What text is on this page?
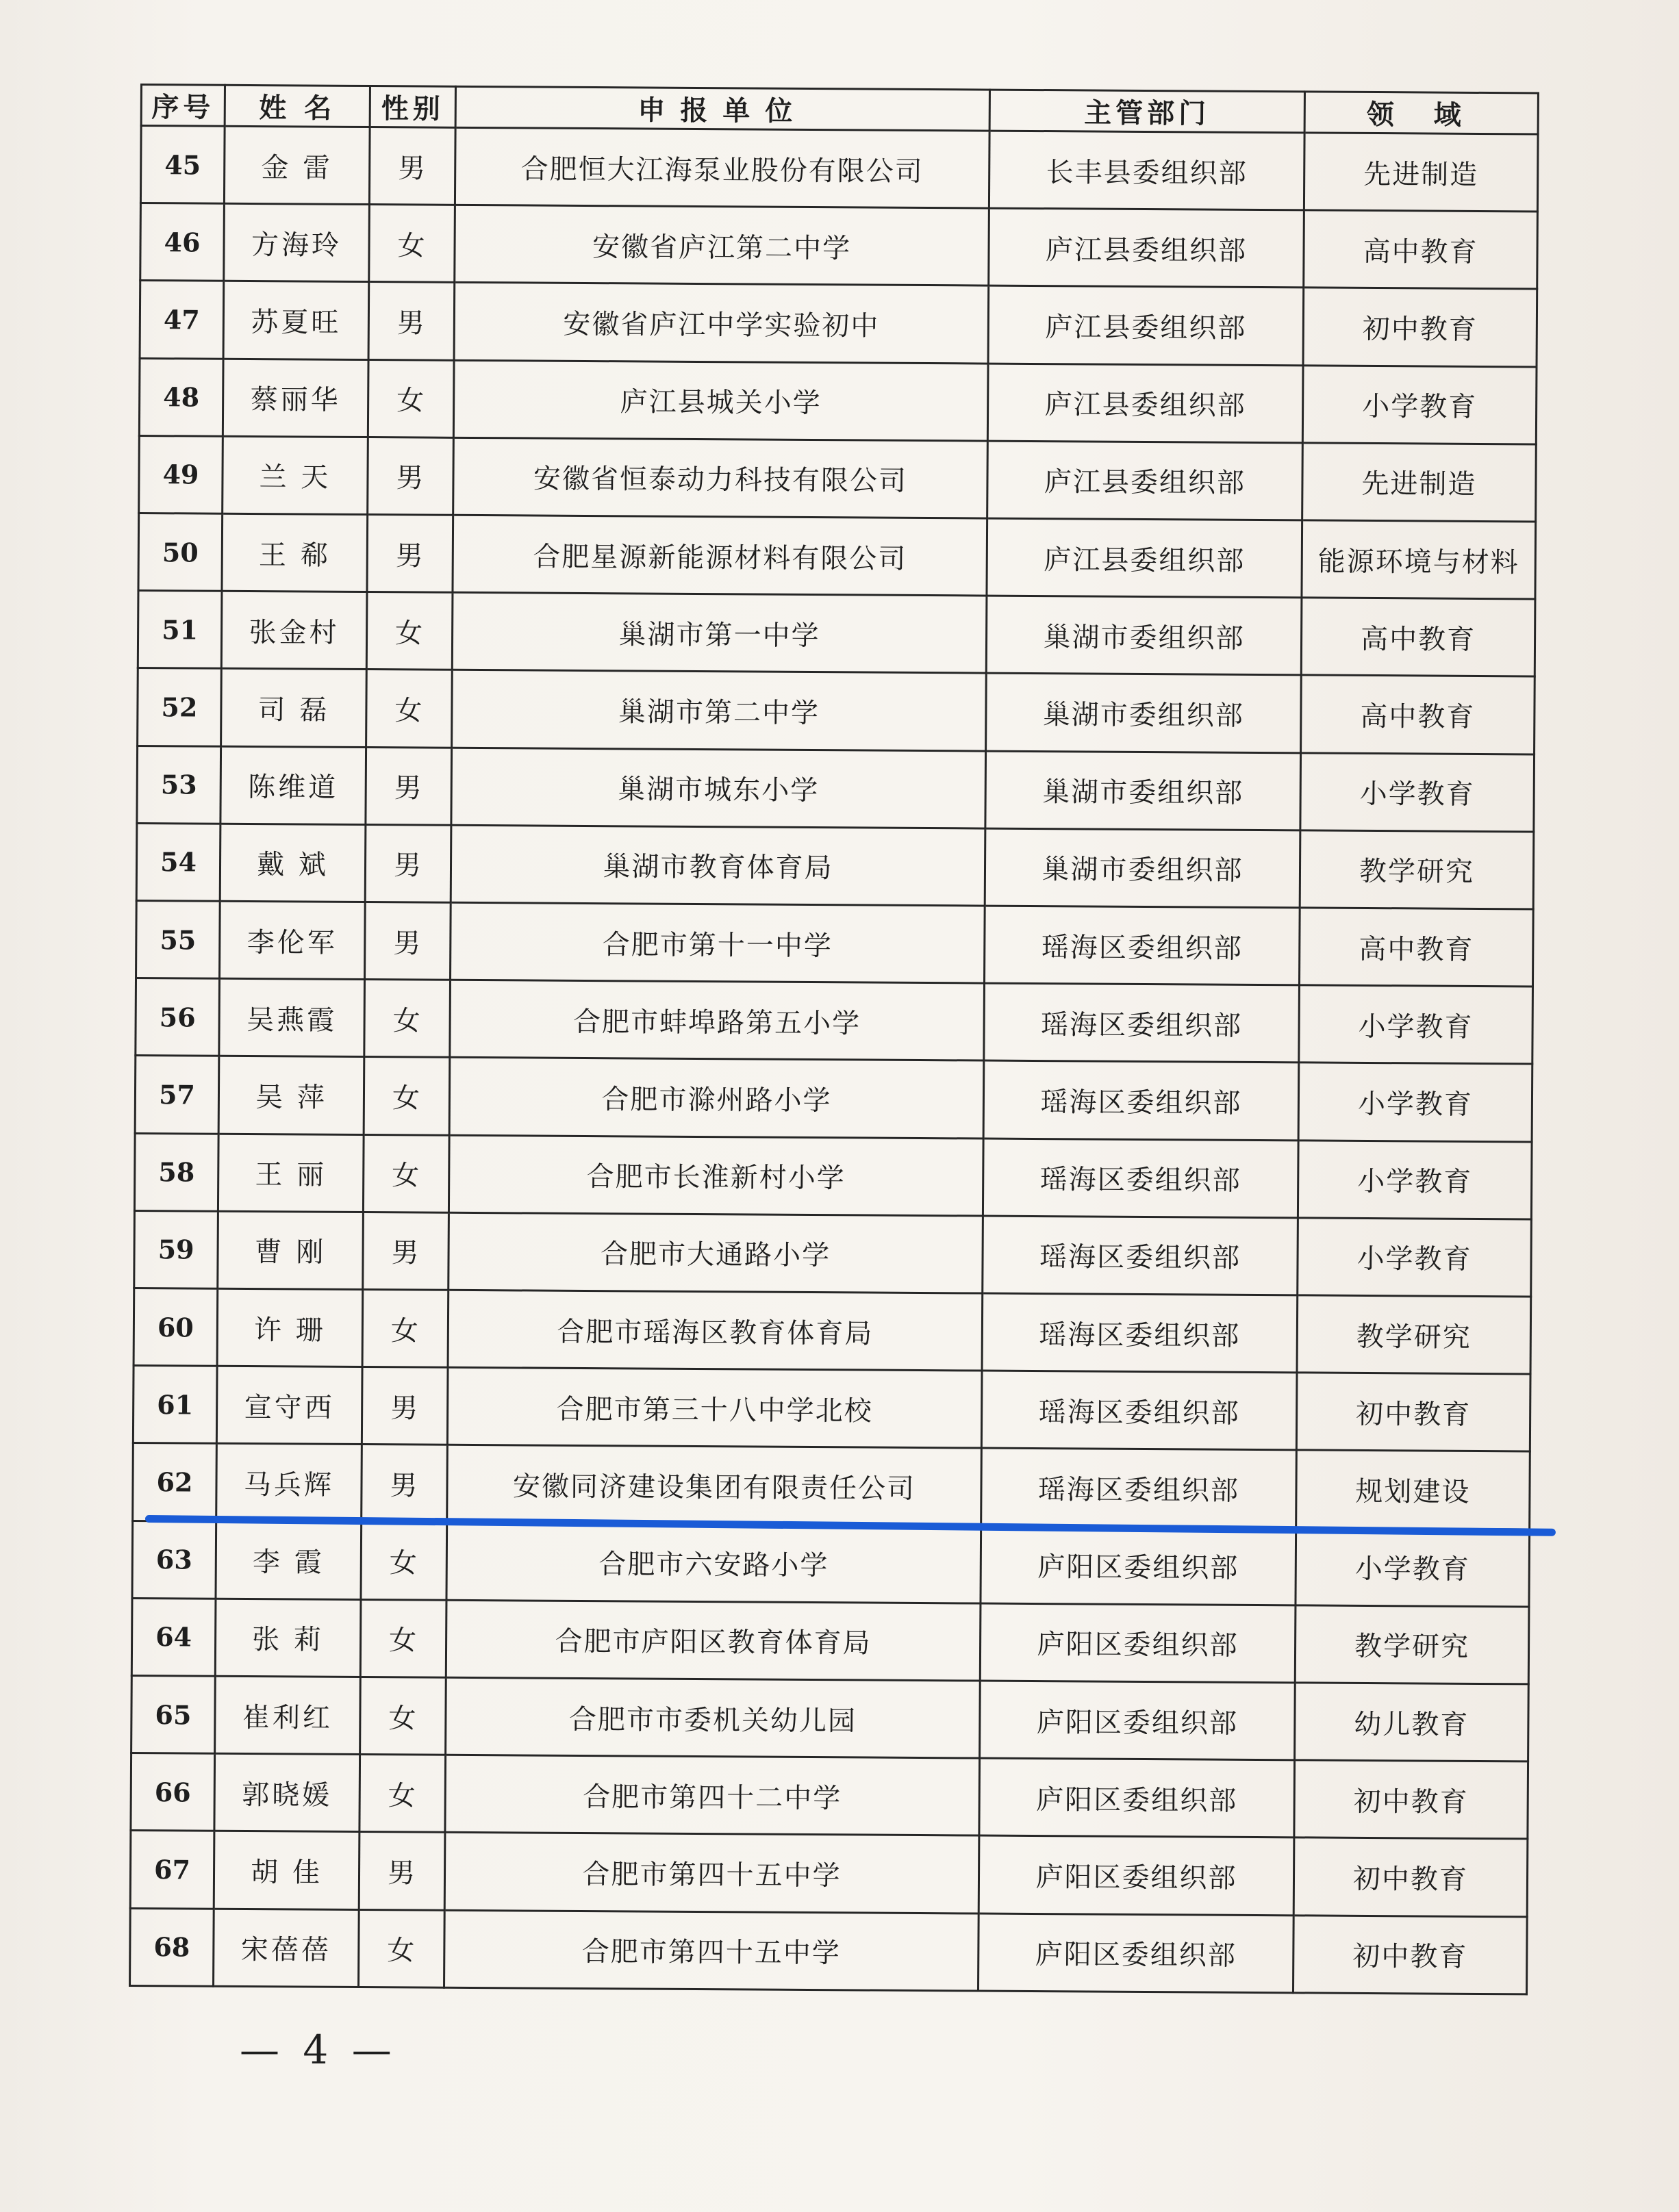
序号	姓 名	性别	申报单位	主管部门	领 域
45	金 雷	男	合肥恒大江海泵业股份有限公司	长丰县委组织部	先进制造
46	方海玲	女	安徽省庐江第二中学	庐江县委组织部	高中教育
47	苏夏旺	男	安徽省庐江中学实验初中	庐江县委组织部	初中教育
48	蔡丽华	女	庐江县城关小学	庐江县委组织部	小学教育
49	兰 天	男	安徽省恒泰动力科技有限公司	庐江县委组织部	先进制造
50	王 郗	男	合肥星源新能源材料有限公司	庐江县委组织部	能源环境与材料
51	张金村	女	巢湖市第一中学	巢湖市委组织部	高中教育
52	司 磊	女	巢湖市第二中学	巢湖市委组织部	高中教育
53	陈维道	男	巢湖市城东小学	巢湖市委组织部	小学教育
54	戴 斌	男	巢湖市教育体育局	巢湖市委组织部	教学研究
55	李伦军	男	合肥市第十一中学	瑶海区委组织部	高中教育
56	吴燕霞	女	合肥市蚌埠路第五小学	瑶海区委组织部	小学教育
57	吴 萍	女	合肥市滁州路小学	瑶海区委组织部	小学教育
58	王 丽	女	合肥市长淮新村小学	瑶海区委组织部	小学教育
59	曹 刚	男	合肥市大通路小学	瑶海区委组织部	小学教育
60	许 珊	女	合肥市瑶海区教育体育局	瑶海区委组织部	教学研究
61	宣守西	男	合肥市第三十八中学北校	瑶海区委组织部	初中教育
62	马兵辉	男	安徽同济建设集团有限责任公司	瑶海区委组织部	规划建设
63	李 霞	女	合肥市六安路小学	庐阳区委组织部	小学教育
64	张 莉	女	合肥市庐阳区教育体育局	庐阳区委组织部	教学研究
65	崔利红	女	合肥市市委机关幼儿园	庐阳区委组织部	幼儿教育
66	郭晓媛	女	合肥市第四十二中学	庐阳区委组织部	初中教育
67	胡 佳	男	合肥市第四十五中学	庐阳区委组织部	初中教育
68	宋蓓蓓	女	合肥市第四十五中学	庐阳区委组织部	初中教育
— 4 —
